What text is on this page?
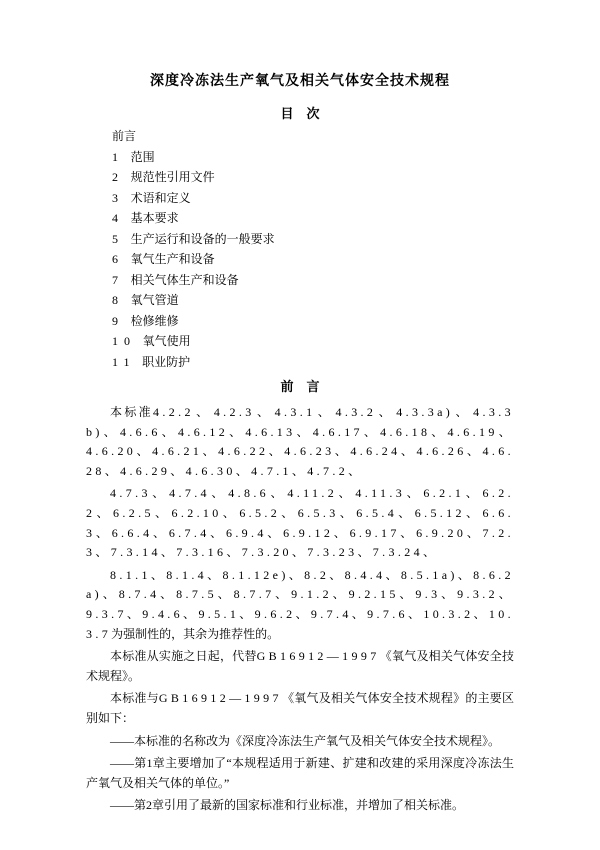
深度冷冻法生产氧气及相关气体安全技术规程
目　次
前言
1 范围
2 规范性引用文件
3 术语和定义
4 基本要求
5 生产运行和设备的一般要求
6 氧气生产和设备
7 相关气体生产和设备
8 氧气管道
9 检修维修
10 氧气使用
11 职业防护
前　言

本标准4.2.2、4.2.3、4.3.1、4.3.2、4.3.3a)、4.3.3b)、4.6.6、4.6.12、4.6.13、4.6.17、4.6.18、4.6.19、4.6.20、4.6.21、4.6.22、4.6.23、4.6.24、4.6.26、4.6.28、4.6.29、4.6.30、4.7.1、4.7.2、

4.7.3、4.7.4、4.8.6、4.11.2、4.11.3、6.2.1、6.2.2、6.2.5、6.2.10、6.5.2、6.5.3、6.5.4、6.5.12、6.6.3、6.6.4、6.7.4、6.9.4、6.9.12、6.9.17、6.9.20、7.2.3、7.3.14、7.3.16、7.3.20、7.3.23、7.3.24、

8.1.1、8.1.4、8.1.12e)、8.2、8.4.4、8.5.1a)、8.6.2a)、8.7.4、8.7.5、8.7.7、9.1.2、9.2.15、9.3、9.3.2、9.3.7、9.4.6、9.5.1、9.6.2、9.7.4、9.7.6、10.3.2、10.3.7为强制性的，其余为推荐性的。

本标准从实施之日起，代替GB16912—1997《氧气及相关气体安全技术规程》。

本标准与GB16912—1997《氧气及相关气体安全技术规程》的主要区别如下：

——本标准的名称改为《深度冷冻法生产氧气及相关气体安全技术规程》。

——第1章主要增加了“本规程适用于新建、扩建和改建的采用深度冷冻法生产氧气及相关气体的单位。”

——第2章引用了最新的国家标准和行业标准，并增加了相关标准。
